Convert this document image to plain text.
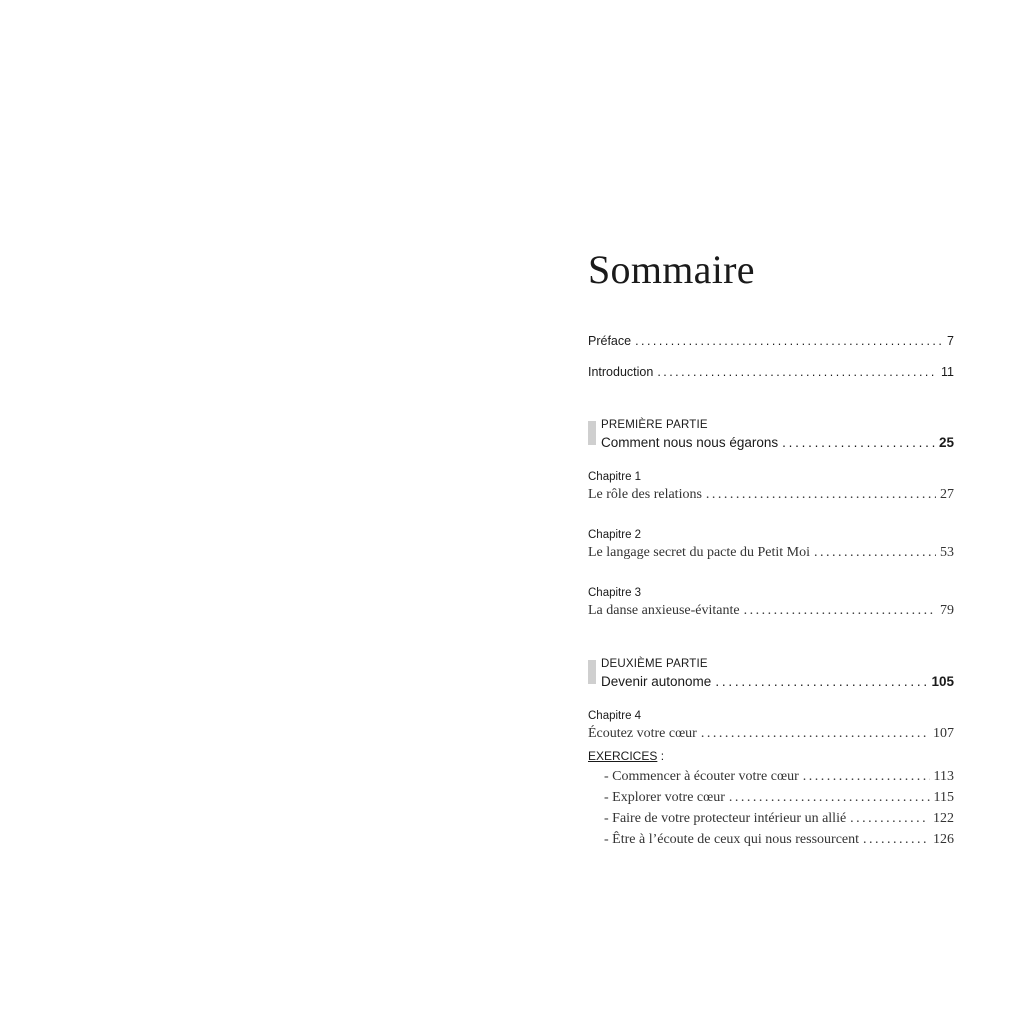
Sommaire
Préface . . .	7
Introduction . . .	11
PREMIÈRE PARTIE
Comment nous nous égarons . . .	25
Chapitre 1
Le rôle des relations . . .	27
Chapitre 2
Le langage secret du pacte du Petit Moi . . .	53
Chapitre 3
La danse anxieuse-évitante . . .	79
DEUXIÈME PARTIE
Devenir autonome . . .	105
Chapitre 4
Écoutez votre cœur . . .	107
EXERCICES :
- Commencer à écouter votre cœur . . .	113
- Explorer votre cœur . . .	115
- Faire de votre protecteur intérieur un allié . . .	122
- Être à l’écoute de ceux qui nous ressourcent . . .	126
